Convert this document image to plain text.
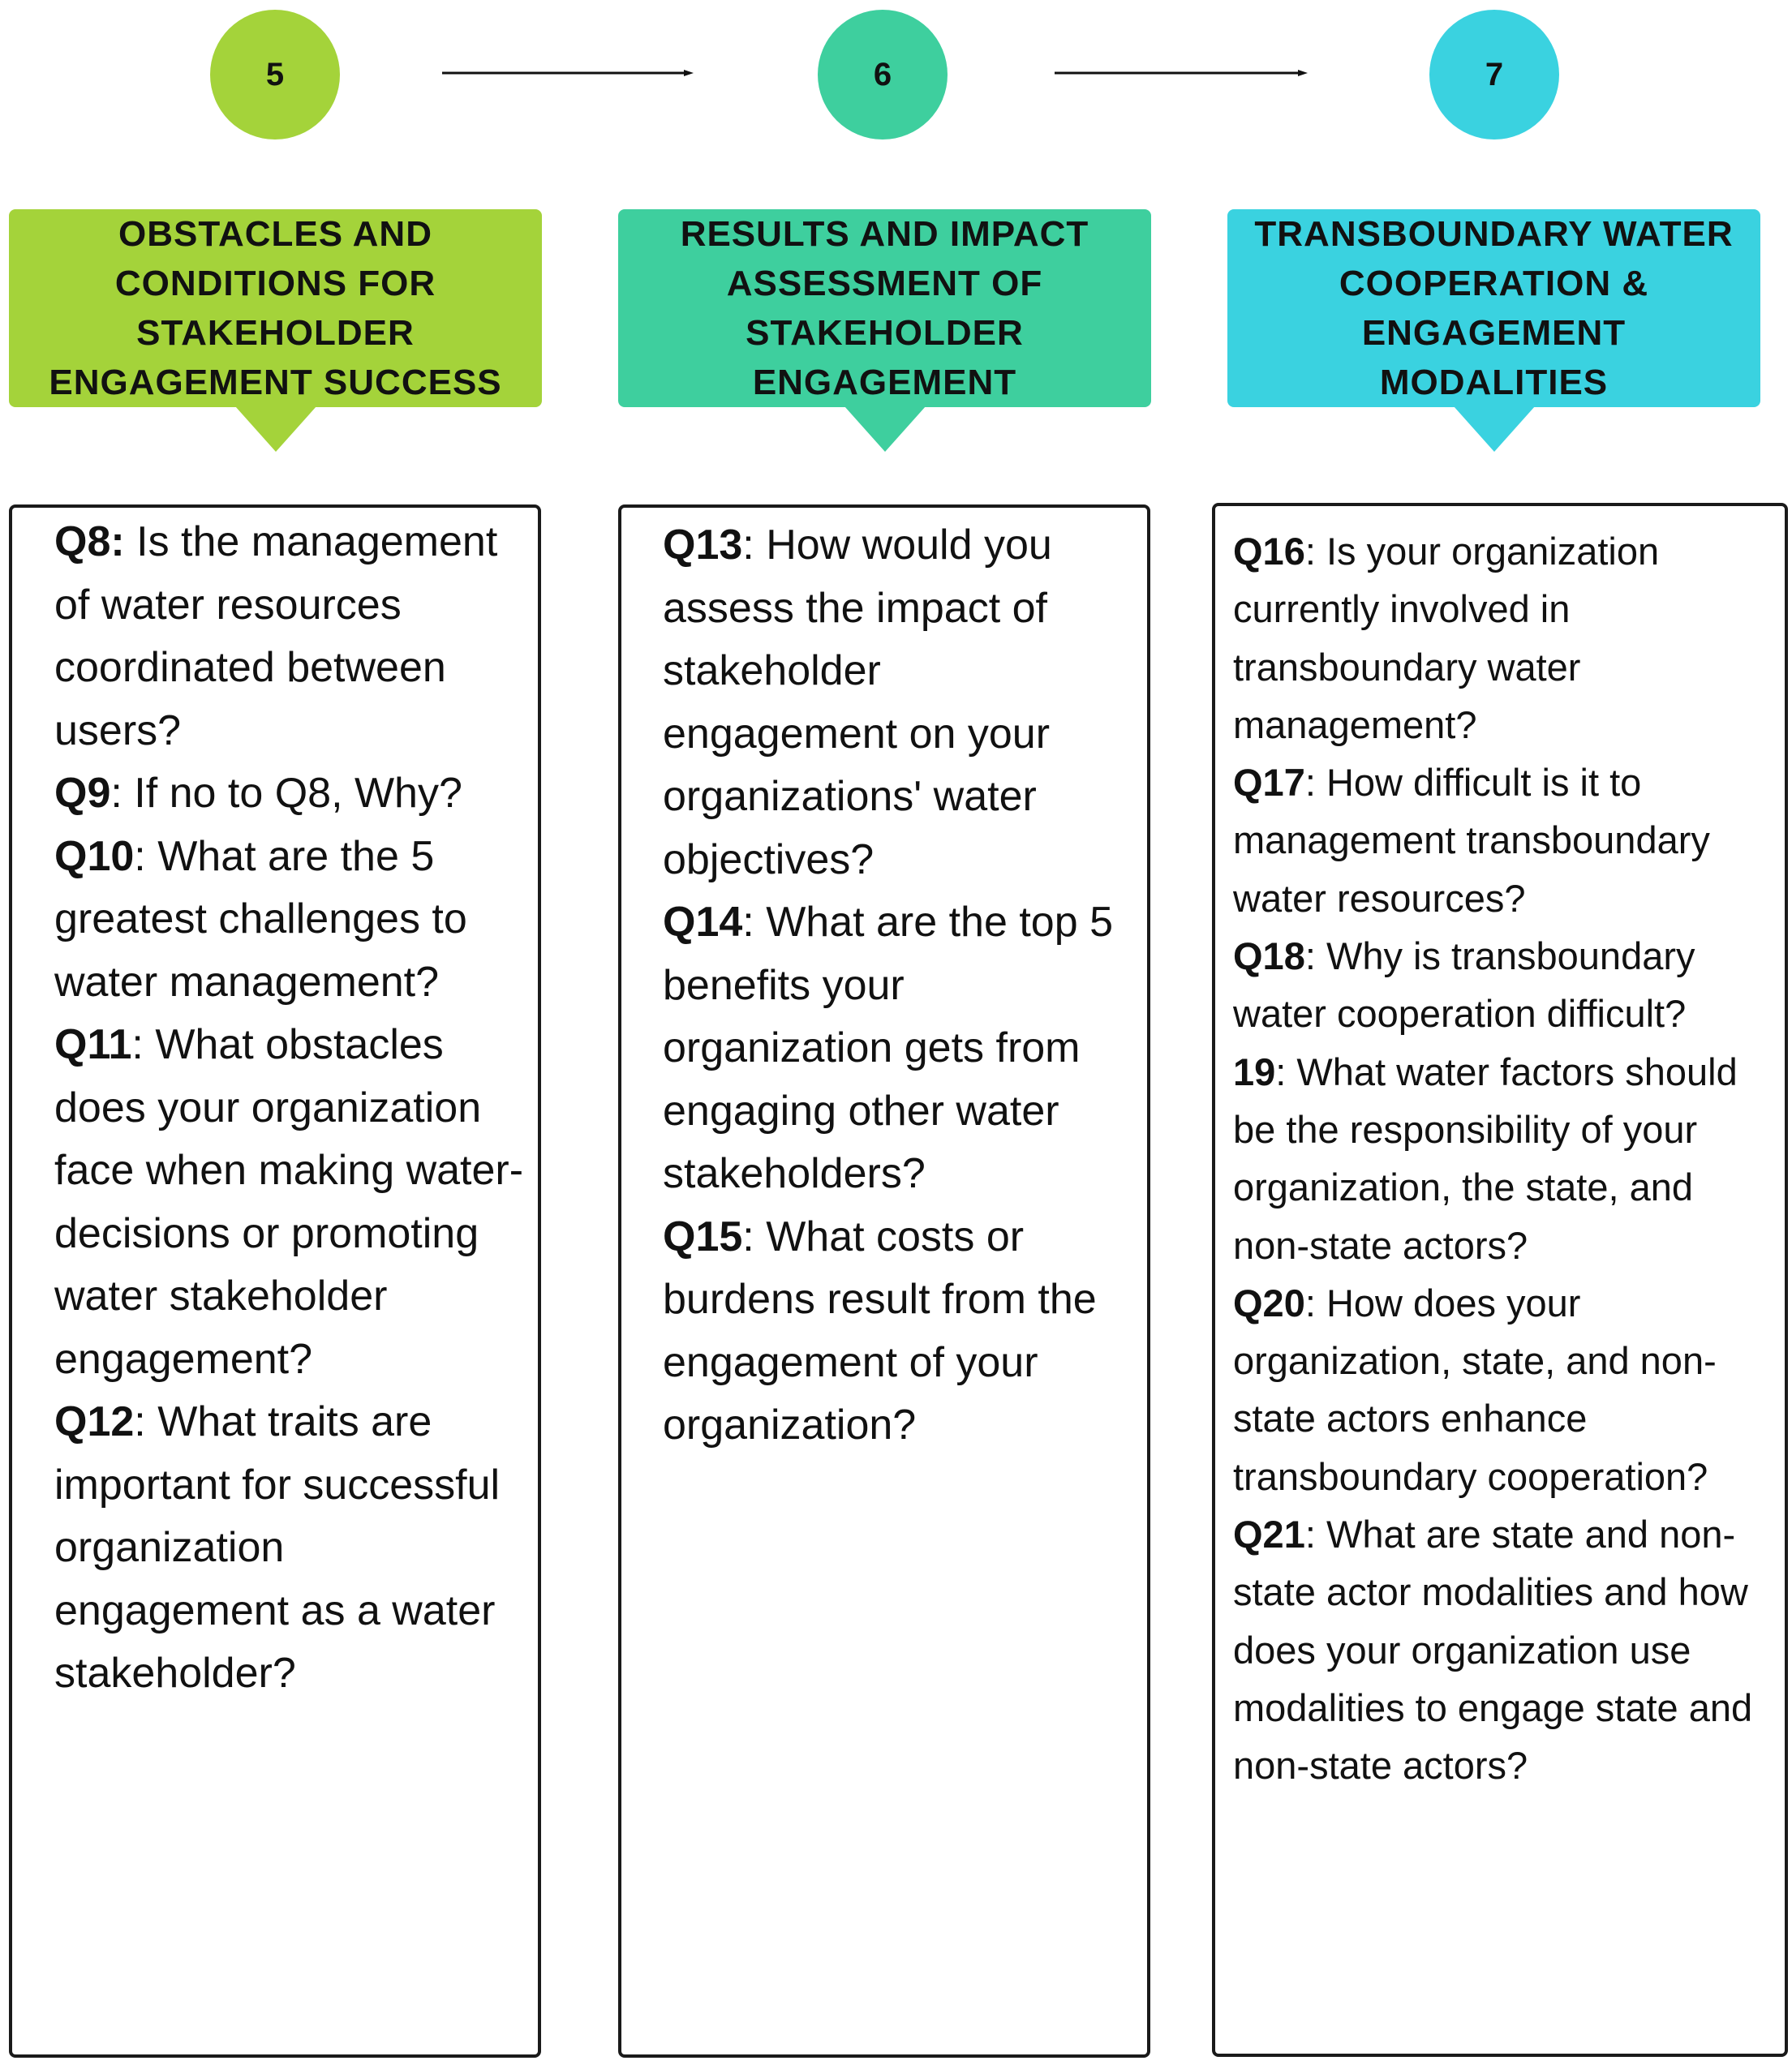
5	6	7
OBSTACLES AND
CONDITIONS FOR
STAKEHOLDER
ENGAGEMENT SUCCESS
RESULTS AND IMPACT
ASSESSMENT OF
STAKEHOLDER
ENGAGEMENT
TRANSBOUNDARY WATER
COOPERATION &
ENGAGEMENT
MODALITIES
Q8: Is the management of water resources coordinated between users?
Q9: If no to Q8, Why?
Q10: What are the 5 greatest challenges to water management?
Q11: What obstacles does your organization face when making water-decisions or promoting water stakeholder engagement?
Q12: What traits are important for successful organization engagement as a water stakeholder?
Q13: How would you assess the impact of stakeholder engagement on your organizations' water objectives?
Q14: What are the top 5 benefits your organization gets from engaging other water stakeholders?
Q15: What costs or burdens result from the engagement of your organization?
Q16: Is your organization currently involved in transboundary water management?
Q17: How difficult is it to management transboundary water resources?
Q18: Why is transboundary water cooperation difficult?
19: What water factors should be the responsibility of your organization, the state, and non-state actors?
Q20: How does your organization, state, and non-state actors enhance transboundary cooperation?
Q21: What are state and non-state actor modalities and how does your organization use modalities to engage state and non-state actors?
